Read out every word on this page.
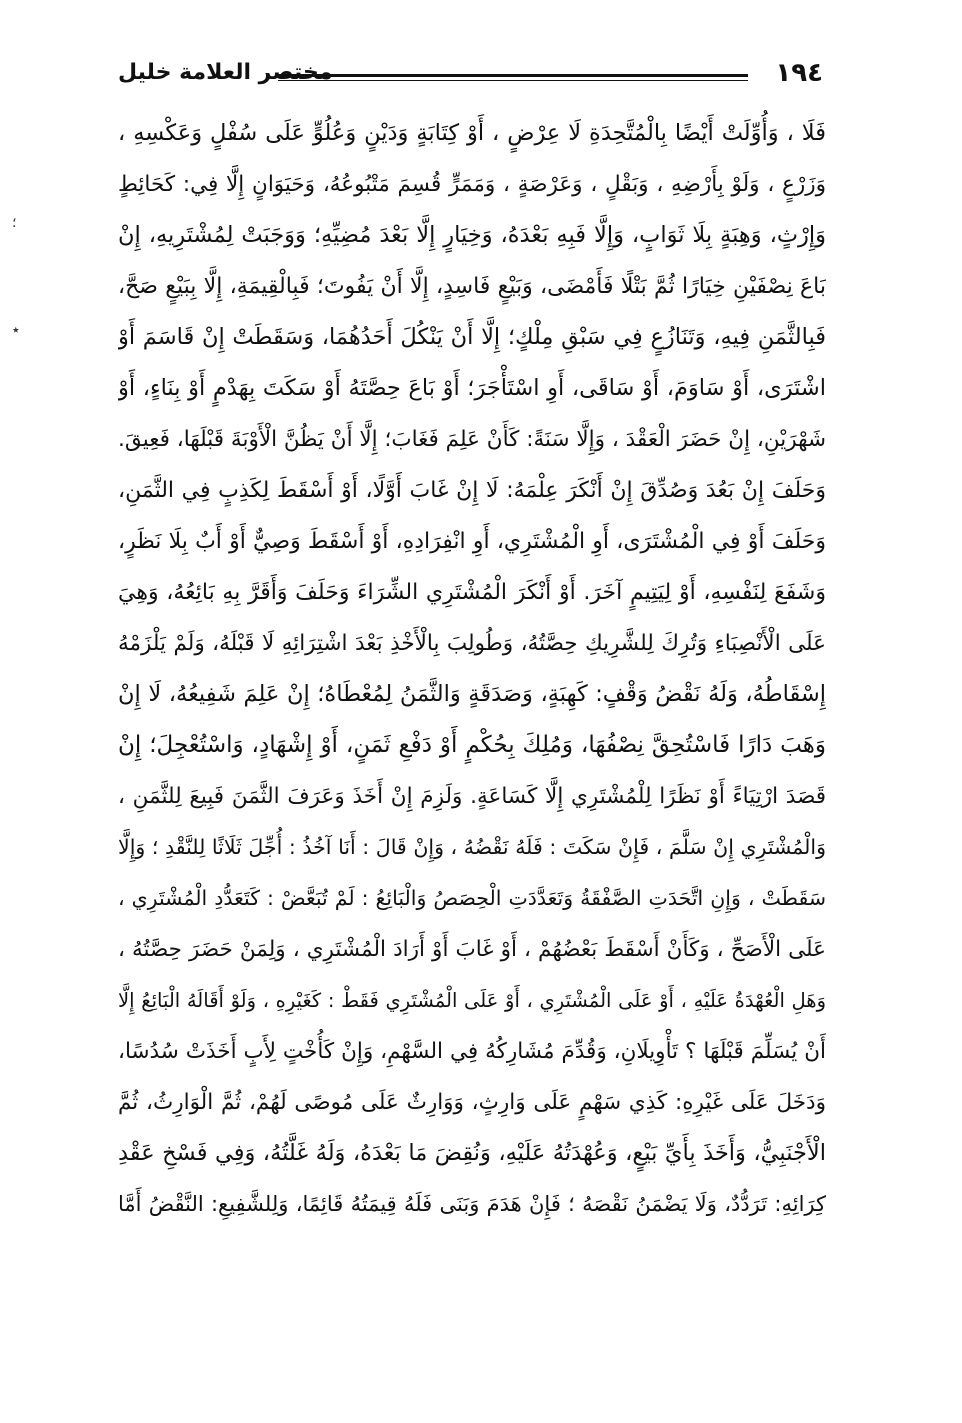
مختصر العلامة خليل	١٩٤
؛
٭
فَلَا ، وَأُوِّلَتْ أَيْضًا بِالْمُتَّحِدَةِ لَا عِرْضٍ ، أَوْ كِتَابَةٍ وَدَيْنٍ وَعُلُوٍّ عَلَى سُفْلٍ وَعَكْسِهِ ،
وَزَرْعٍ ، وَلَوْ بِأَرْضِهِ ، وَبَقْلٍ ، وَعَرْصَةٍ ، وَمَمَرٍّ قُسِمَ مَتْبُوعُهُ، وَحَيَوَانٍ إِلَّا فِي: كَحَائِطٍ
وَإِرْثٍ، وَهِبَةٍ بِلَا ثَوَابٍ، وَإِلَّا فَبِهِ بَعْدَهُ، وَخِيَارٍ إِلَّا بَعْدَ مُضِيِّهِ؛ وَوَجَبَتْ لِمُشْتَرِيهِ، إِنْ
بَاعَ نِصْفَيْنِ خِيَارًا ثُمَّ بَتْلًا فَأَمْضَى، وَبَيْعٍ فَاسِدٍ، إِلَّا أَنْ يَفُوتَ؛ فَبِالْقِيمَةِ، إِلَّا بِبَيْعٍ صَحَّ،
فَبِالثَّمَنِ فِيهِ، وَتَنَازُعٍ فِي سَبْقِ مِلْكٍ؛ إِلَّا أَنْ يَنْكُلَ أَحَدُهُمَا، وَسَقَطَتْ إِنْ قَاسَمَ أَوْ
اشْتَرَى، أَوْ سَاوَمَ، أَوْ سَاقَى، أَوِ اسْتَأْجَرَ؛ أَوْ بَاعَ حِصَّتَهُ أَوْ سَكَتَ بِهَدْمٍ أَوْ بِنَاءٍ، أَوْ
شَهْرَيْنِ، إِنْ حَضَرَ الْعَقْدَ ، وَإِلَّا سَنَةً: كَأَنْ عَلِمَ فَغَابَ؛ إِلَّا أَنْ يَظُنَّ الْأَوْبَةَ قَبْلَهَا، فَعِيقَ.
وَحَلَفَ إِنْ بَعُدَ وَصُدِّقَ إِنْ أَنْكَرَ عِلْمَهُ: لَا إِنْ غَابَ أَوَّلًا، أَوْ أَسْقَطَ لِكَذِبٍ فِي الثَّمَنِ،
وَحَلَفَ أَوْ فِي الْمُشْتَرَى، أَوِ الْمُشْتَرِي، أَوِ انْفِرَادِهِ، أَوْ أَسْقَطَ وَصِيٌّ أَوْ أَبٌ بِلَا نَظَرٍ،
وَشَفَعَ لِنَفْسِهِ، أَوْ لِيَتِيمٍ آخَرَ. أَوْ أَنْكَرَ الْمُشْتَرِي الشِّرَاءَ وَحَلَفَ وَأَقَرَّ بِهِ بَائِعُهُ، وَهِيَ
عَلَى الْأَنْصِبَاءِ وَتُرِكَ لِلشَّرِيكِ حِصَّتُهُ، وَطُولِبَ بِالْأَخْذِ بَعْدَ اشْتِرَائِهِ لَا قَبْلَهُ، وَلَمْ يَلْزَمْهُ
إِسْقَاطُهُ، وَلَهُ نَقْضُ وَقْفٍ: كَهِبَةٍ، وَصَدَقَةٍ وَالثَّمَنُ لِمُعْطَاهُ؛ إِنْ عَلِمَ شَفِيعُهُ، لَا إِنْ
وَهَبَ دَارًا فَاسْتُحِقَّ نِصْفُهَا، وَمُلِكَ بِحُكْمٍ أَوْ دَفْعِ ثَمَنٍ، أَوْ إِشْهَادٍ، وَاسْتُعْجِلَ؛ إِنْ
قَصَدَ ارْتِيَاءً أَوْ نَظَرًا لِلْمُشْتَرِي إِلَّا كَسَاعَةٍ. وَلَزِمَ إِنْ أَخَذَ وَعَرَفَ الثَّمَنَ فَبِيعَ لِلثَّمَنِ ،
وَالْمُشْتَرِي إِنْ سَلَّمَ ، فَإِنْ سَكَتَ : فَلَهُ نَقْضُهُ ، وَإِنْ قَالَ : أَنَا آخُذُ : أُجِّلَ ثَلَاثًا لِلنَّقْدِ ؛ وَإِلَّا
سَقَطَتْ ، وَإِنِ اتَّحَدَتِ الصَّفْقَةُ وَتَعَدَّدَتِ الْحِصَصُ وَالْبَائِعُ : لَمْ تُبَعَّضْ : كَتَعَدُّدِ الْمُشْتَرِي ،
عَلَى الْأَصَحِّ ، وَكَأَنْ أَسْقَطَ بَعْضُهُمْ ، أَوْ غَابَ أَوْ أَرَادَ الْمُشْتَرِي ، وَلِمَنْ حَضَرَ حِصَّتُهُ ،
وَهَلِ الْعُهْدَةُ عَلَيْهِ ، أَوْ عَلَى الْمُشْتَرِي ، أَوْ عَلَى الْمُشْتَرِي فَقَطْ : كَغَيْرِهِ ، وَلَوْ أَقَالَهُ الْبَائِعُ إِلَّا
أَنْ يُسَلِّمَ قَبْلَهَا ؟ تَأْوِيلَانِ، وَقُدِّمَ مُشَارِكُهُ فِي السَّهْمِ، وَإِنْ كَأُخْتٍ لِأَبٍ أَخَذَتْ سُدُسًا،
وَدَخَلَ عَلَى غَيْرِهِ: كَذِي سَهْمٍ عَلَى وَارِثٍ، وَوَارِثٌ عَلَى مُوصًى لَهُمْ، ثُمَّ الْوَارِثُ، ثُمَّ
الْأَجْنَبِيُّ، وَأَخَذَ بِأَيِّ بَيْعٍ، وَعُهْدَتُهُ عَلَيْهِ، وَنُقِضَ مَا بَعْدَهُ، وَلَهُ غَلَّتُهُ، وَفِي فَسْخِ عَقْدِ
كِرَائِهِ: تَرَدُّدٌ، وَلَا يَضْمَنُ نَقْصَهُ ؛ فَإِنْ هَدَمَ وَبَنَى فَلَهُ قِيمَتُهُ قَائِمًا، وَلِلشَّفِيعِ: النَّقْضُ أَمَّا
